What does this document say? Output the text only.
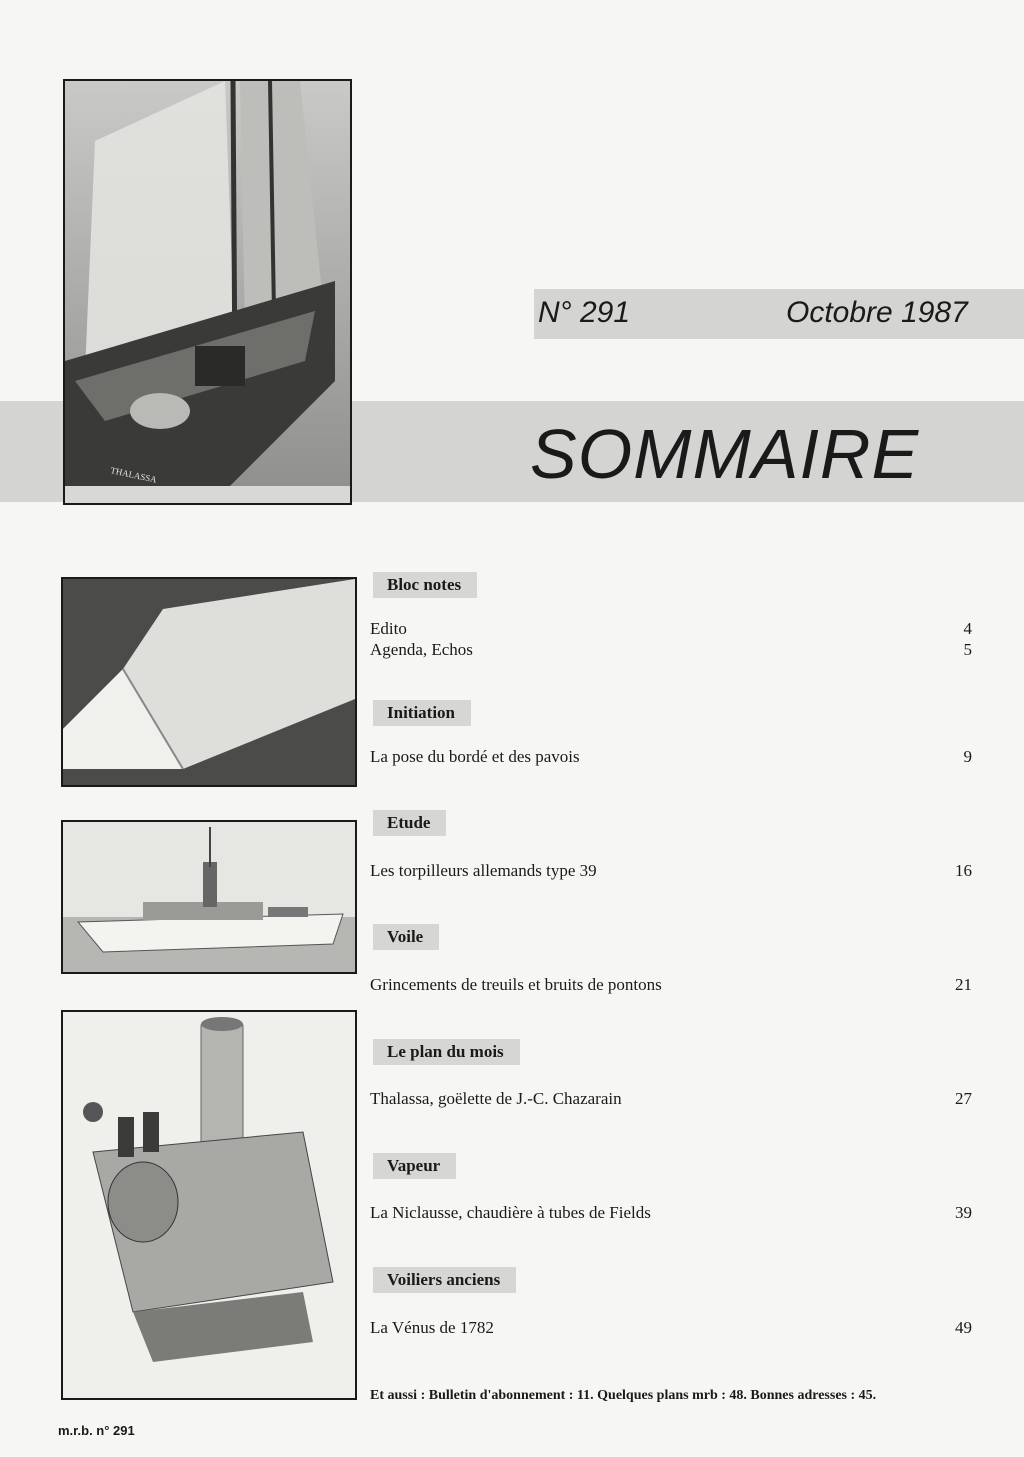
N° 291	Octobre 1987
SOMMAIRE
THALASSA
Bloc notes
Edito	4
Agenda, Echos	5
Initiation
La pose du bordé et des pavois	9
Etude
Les torpilleurs allemands type 39	16
Voile
Grincements de treuils et bruits de pontons	21
Le plan du mois
Thalassa, goëlette de J.-C. Chazarain	27
Vapeur
La Niclausse, chaudière à tubes de Fields	39
Voiliers anciens
La Vénus de 1782	49
Et aussi : Bulletin d'abonnement : 11. Quelques plans mrb : 48. Bonnes adresses : 45.
m.r.b. n° 291
